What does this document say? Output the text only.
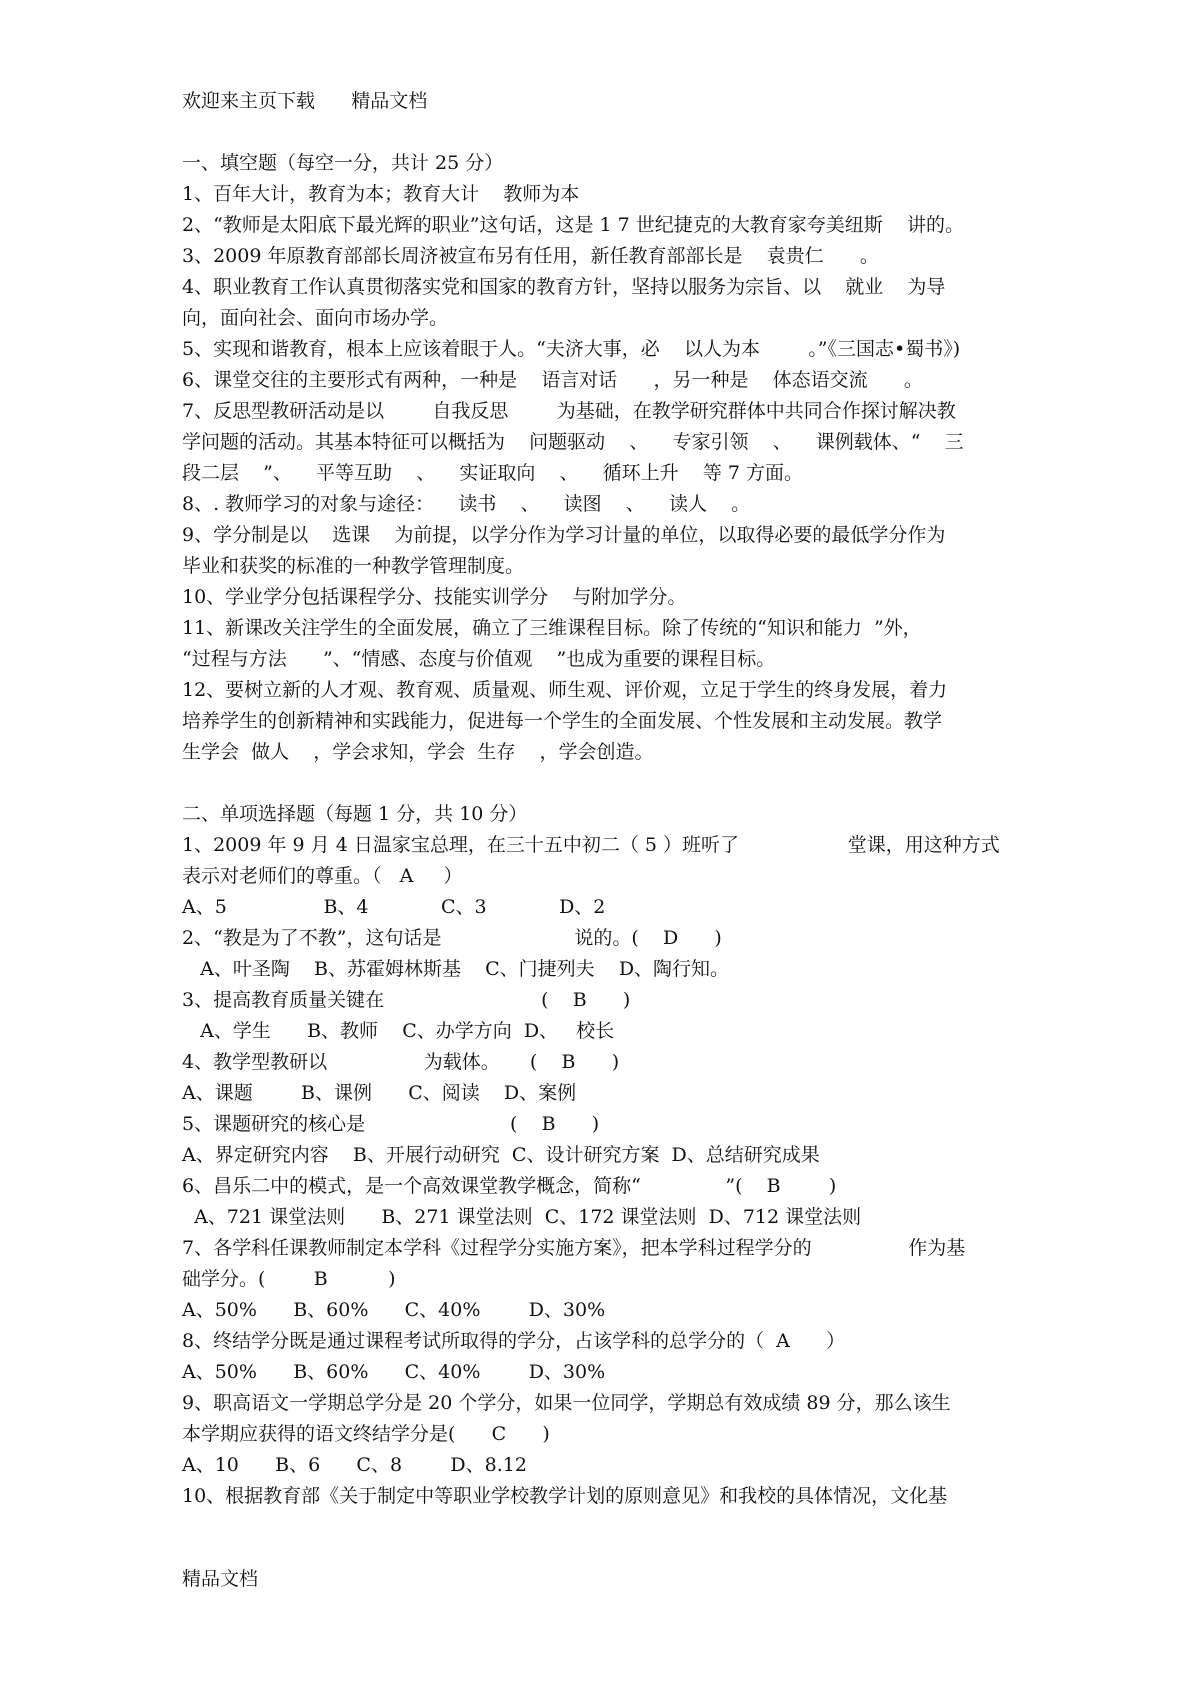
欢迎来主页下载      精品文档
一、填空题（每空一分，共计 25 分）
1、百年大计，教育为本；教育大计    教师为本
2、“教师是太阳底下最光辉的职业”这句话，这是 1 7 世纪捷克的大教育家夸美纽斯    讲的。
3、2009 年原教育部部长周济被宣布另有任用，新任教育部部长是    袁贵仁      。
4、职业教育工作认真贯彻落实党和国家的教育方针，坚持以服务为宗旨、以    就业    为导
向，面向社会、面向市场办学。
5、实现和谐教育，根本上应该着眼于人。“夫济大事，必    以人为本        。”《三国志•蜀书》)
6、课堂交往的主要形式有两种，一种是    语言对话      ，另一种是    体态语交流      。
7、反思型教研活动是以        自我反思        为基础，在教学研究群体中共同合作探讨解决教
学问题的活动。其基本特征可以概括为    问题驱动    、    专家引领    、    课例载体、“    三
段二层    ”、    平等互助    、    实证取向    、    循环上升    等 7 方面。
8、. 教师学习的对象与途径：    读书    、    读图    、    读人    。
9、学分制是以    选课    为前提，以学分作为学习计量的单位，以取得必要的最低学分作为
毕业和获奖的标准的一种教学管理制度。
10、学业学分包括课程学分、技能实训学分    与附加学分。
11、新课改关注学生的全面发展，确立了三维课程目标。除了传统的“知识和能力  ”外，
“过程与方法      ”、“情感、态度与价值观    ”也成为重要的课程目标。
12、要树立新的人才观、教育观、质量观、师生观、评价观，立足于学生的终身发展，着力
培养学生的创新精神和实践能力，促进每一个学生的全面发展、个性发展和主动发展。教学
生学会  做人    ，学会求知，学会  生存    ，学会创造。
二、单项选择题（每题 1 分，共 10 分）
1、2009 年 9 月 4 日温家宝总理，在三十五中初二（ 5 ）班听了                  堂课，用这种方式
表示对老师们的尊重。（   A     ）
A、5                B、4            C、3            D、2
2、“教是为了不教”，这句话是                      说的。(    D      )
A、叶圣陶    B、苏霍姆林斯基    C、门捷列夫    D、陶行知。
3、提高教育质量关键在                          (    B      )
A、学生      B、教师    C、办学方向  D、   校长
4、教学型教研以                为载体。     (    B      )
A、课题        B、课例      C、阅读    D、案例
5、课题研究的核心是                        (    B      )
A、界定研究内容    B、开展行动研究  C、设计研究方案  D、总结研究成果
6、昌乐二中的模式，是一个高效课堂教学概念，简称“              ”(    B        )
A、721 课堂法则      B、271 课堂法则  C、172 课堂法则  D、712 课堂法则
7、各学科任课教师制定本学科《过程学分实施方案》，把本学科过程学分的                作为基
础学分。(        B          )
A、50%      B、60%      C、40%        D、30%
8、终结学分既是通过课程考试所取得的学分，占该学科的总学分的（  A      ）
A、50%      B、60%      C、40%        D、30%
9、职高语文一学期总学分是 20 个学分，如果一位同学，学期总有效成绩 89 分，那么该生
本学期应获得的语文终结学分是(      C      )
A、10      B、6      C、8        D、8.12
10、根据教育部《关于制定中等职业学校教学计划的原则意见》和我校的具体情况，文化基
精品文档
